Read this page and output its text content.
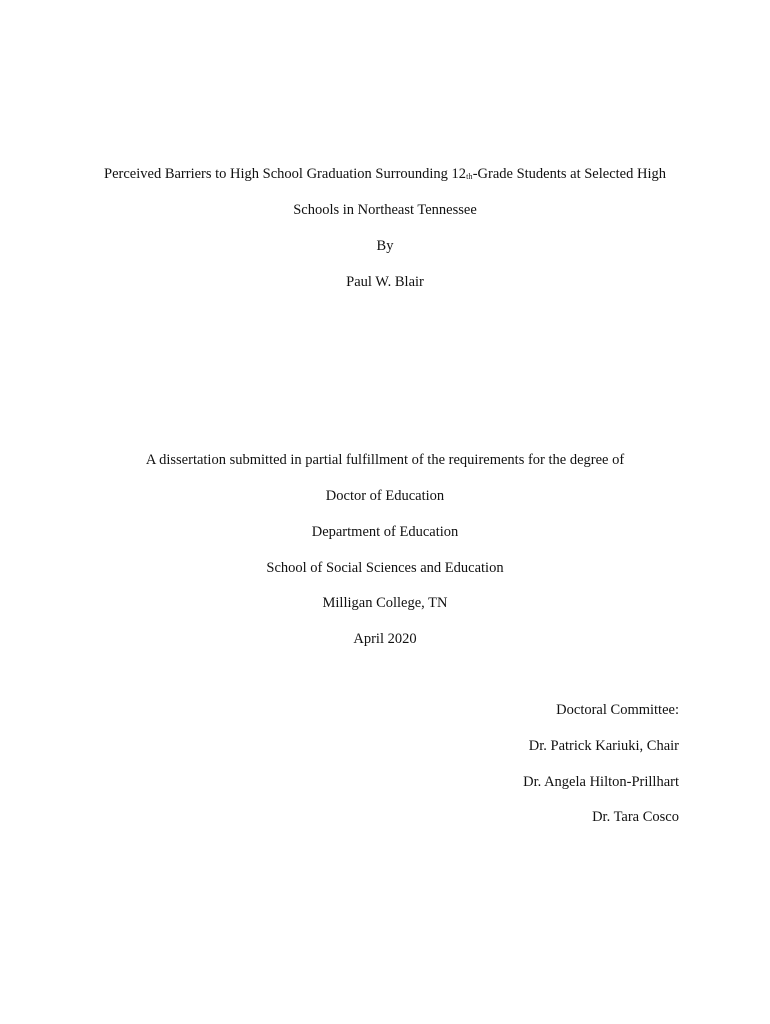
Perceived Barriers to High School Graduation Surrounding 12th-Grade Students at Selected High
Schools in Northeast Tennessee
By
Paul W. Blair
A dissertation submitted in partial fulfillment of the requirements for the degree of
Doctor of Education
Department of Education
School of Social Sciences and Education
Milligan College, TN
April 2020
Doctoral Committee:
Dr. Patrick Kariuki, Chair
Dr. Angela Hilton-Prillhart
Dr. Tara Cosco
